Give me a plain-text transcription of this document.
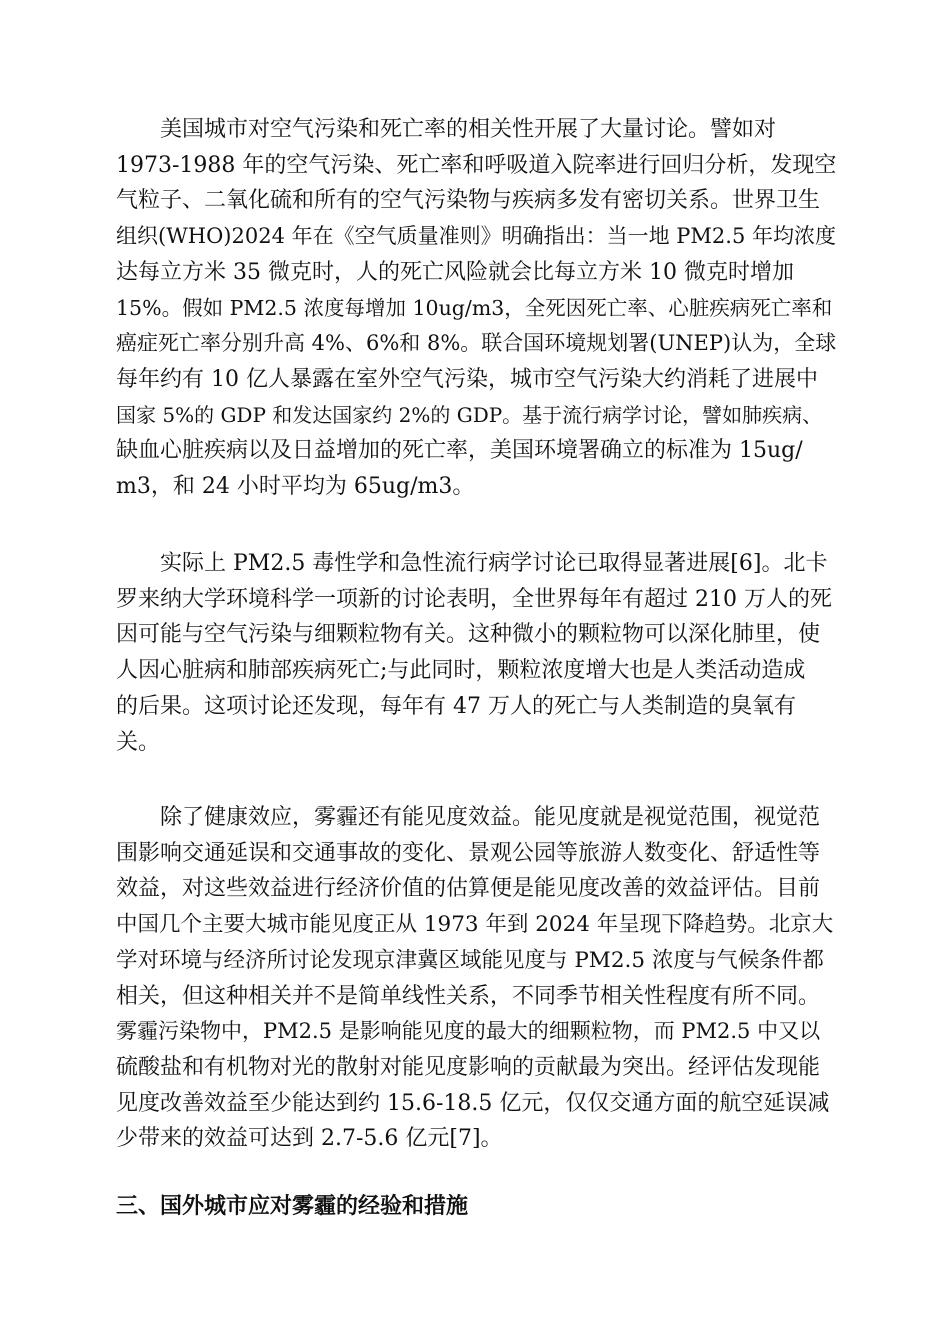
美国城市对空气污染和死亡率的相关性开展了大量讨论。譬如对
1973-1988 年的空气污染、死亡率和呼吸道入院率进行回归分析，发现空
气粒子、二氧化硫和所有的空气污染物与疾病多发有密切关系。世界卫生
组织(WHO)2024 年在《空气质量准则》明确指出：当一地 PM2.5 年均浓度
达每立方米 35 微克时，人的死亡风险就会比每立方米 10 微克时增加
15%。假如 PM2.5 浓度每增加 10ug/m3，全死因死亡率、心脏疾病死亡率和
癌症死亡率分别升高 4%、6%和 8%。联合国环境规划署(UNEP)认为，全球
每年约有 10 亿人暴露在室外空气污染，城市空气污染大约消耗了进展中
国家 5%的 GDP 和发达国家约 2%的 GDP。基于流行病学讨论，譬如肺疾病、
缺血心脏疾病以及日益增加的死亡率，美国环境署确立的标准为 15ug/
m3，和 24 小时平均为 65ug/m3。
实际上 PM2.5 毒性学和急性流行病学讨论已取得显著进展[6]。北卡
罗来纳大学环境科学一项新的讨论表明，全世界每年有超过 210 万人的死
因可能与空气污染与细颗粒物有关。这种微小的颗粒物可以深化肺里，使
人因心脏病和肺部疾病死亡;与此同时，颗粒浓度增大也是人类活动造成
的后果。这项讨论还发现，每年有 47 万人的死亡与人类制造的臭氧有
关。
除了健康效应，雾霾还有能见度效益。能见度就是视觉范围，视觉范
围影响交通延误和交通事故的变化、景观公园等旅游人数变化、舒适性等
效益，对这些效益进行经济价值的估算便是能见度改善的效益评估。目前
中国几个主要大城市能见度正从 1973 年到 2024 年呈现下降趋势。北京大
学对环境与经济所讨论发现京津冀区域能见度与 PM2.5 浓度与气候条件都
相关，但这种相关并不是简单线性关系，不同季节相关性程度有所不同。
雾霾污染物中，PM2.5 是影响能见度的最大的细颗粒物，而 PM2.5 中又以
硫酸盐和有机物对光的散射对能见度影响的贡献最为突出。经评估发现能
见度改善效益至少能达到约 15.6-18.5 亿元，仅仅交通方面的航空延误减
少带来的效益可达到 2.7-5.6 亿元[7]。
三、国外城市应对雾霾的经验和措施
